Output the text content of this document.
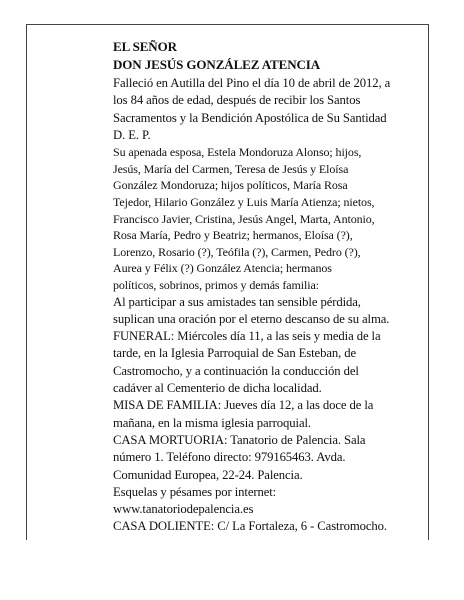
EL SEÑOR

DON JESÚS GONZÁLEZ ATENCIA

Falleció en Autilla del Pino el día 10 de abril de 2012, a
los 84 años de edad, después de recibir los Santos
Sacramentos y la Bendición Apostólica de Su Santidad
D. E. P.

Su apenada esposa, Estela Mondoruza Alonso; hijos,
Jesús, María del Carmen, Teresa de Jesús y Eloísa
González Mondoruza; hijos políticos, María Rosa
Tejedor, Hilario González y Luis María Atienza; nietos,
Francisco Javier, Cristina, Jesús Angel, Marta, Antonio,
Rosa María, Pedro y Beatriz; hermanos, Eloísa (?),
Lorenzo, Rosario (?), Teófila (?), Carmen, Pedro (?),
Aurea y Félix (?) González Atencia; hermanos
políticos, sobrinos, primos y demás familia:

Al participar a sus amistades tan sensible pérdida,
suplican una oración por el eterno descanso de su alma.

FUNERAL: Miércoles día 11, a las seis y media de la
tarde, en la Iglesia Parroquial de San Esteban, de
Castromocho, y a continuación la conducción del
cadáver al Cementerio de dicha localidad.

MISA DE FAMILIA: Jueves día 12, a las doce de la
mañana, en la misma iglesia parroquial.

CASA MORTUORIA: Tanatorio de Palencia. Sala
número 1. Teléfono directo: 979165463. Avda.
Comunidad Europea, 22-24. Palencia.

Esquelas y pésames por internet:
www.tanatoriodepalencia.es

CASA DOLIENTE: C/ La Fortaleza, 6 - Castromocho.
